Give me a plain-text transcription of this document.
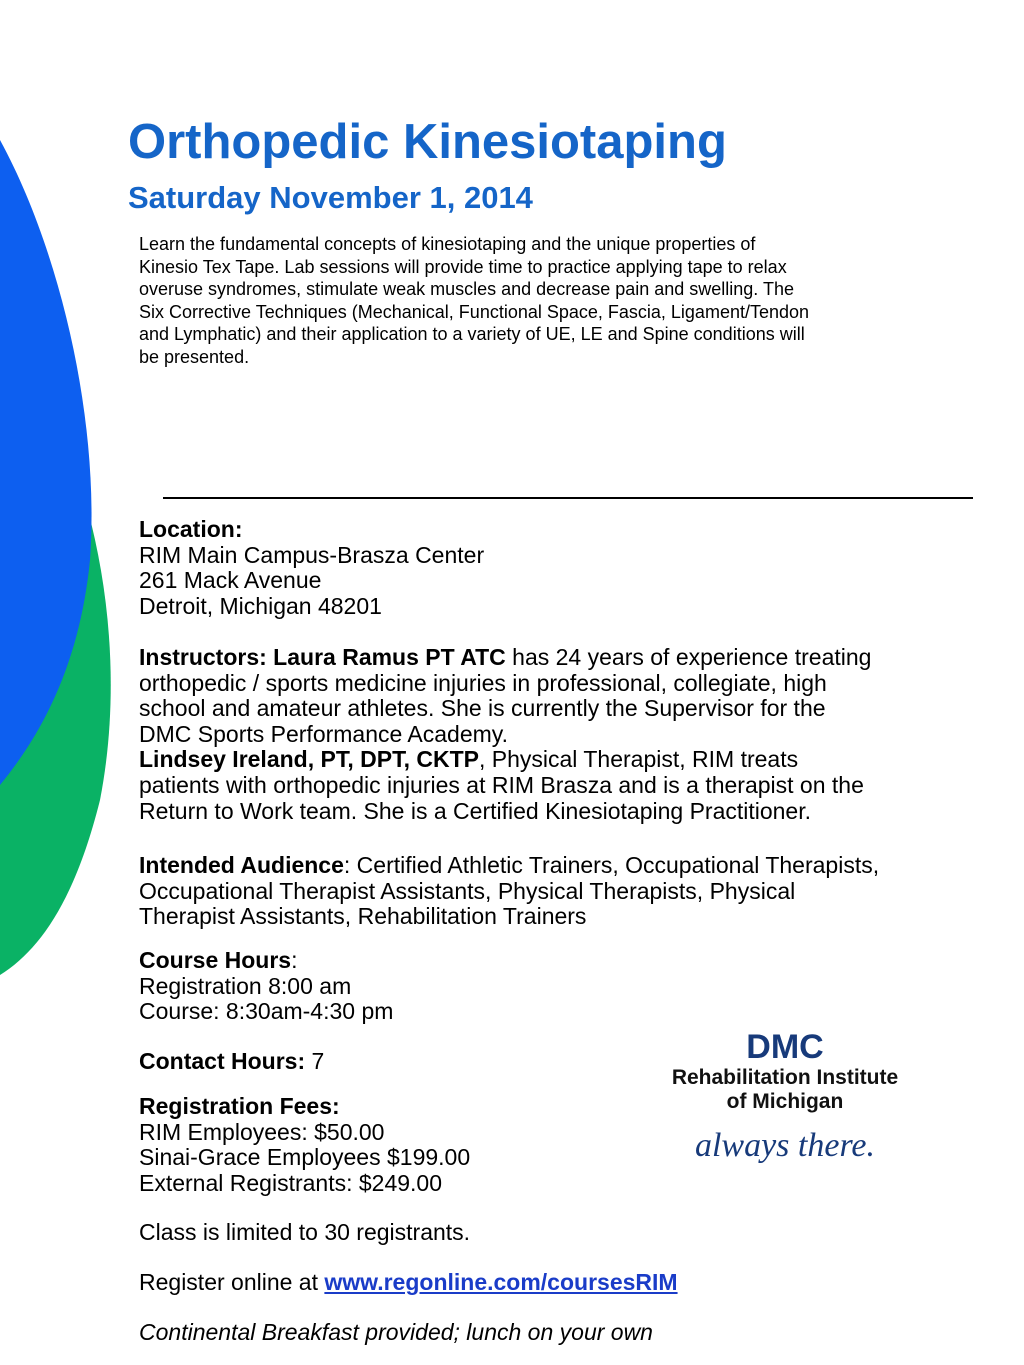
Orthopedic Kinesiotaping
Saturday November 1, 2014

Learn the fundamental concepts of kinesiotaping and the unique properties of
Kinesio Tex Tape. Lab sessions will provide time to practice applying tape to relax
overuse syndromes, stimulate weak muscles and decrease pain and swelling. The
Six Corrective Techniques (Mechanical, Functional Space, Fascia, Ligament/Tendon
and Lymphatic) and their application to a variety of UE, LE and Spine conditions will
be presented.

Location:
RIM Main Campus-Brasza Center
261 Mack Avenue
Detroit, Michigan 48201
Instructors: Laura Ramus PT ATC has 24 years of experience treating
orthopedic / sports medicine injuries in professional, collegiate, high
school and amateur athletes. She is currently the Supervisor for the
DMC Sports Performance Academy.
Lindsey Ireland, PT, DPT, CKTP, Physical Therapist, RIM treats
patients with orthopedic injuries at RIM Brasza and is a therapist on the
Return to Work team. She is a Certified Kinesiotaping Practitioner.
Intended Audience: Certified Athletic Trainers, Occupational Therapists,
Occupational Therapist Assistants, Physical Therapists, Physical
Therapist Assistants, Rehabilitation Trainers
Course Hours:
Registration 8:00 am
Course: 8:30am-4:30 pm
Contact Hours: 7
Registration Fees:
RIM Employees: $50.00
Sinai-Grace Employees $199.00
External Registrants: $249.00
Class is limited to 30 registrants.
Register online at www.regonline.com/coursesRIM
Continental Breakfast provided; lunch on your own
DMC
Rehabilitation Institute
of Michigan
always there.
